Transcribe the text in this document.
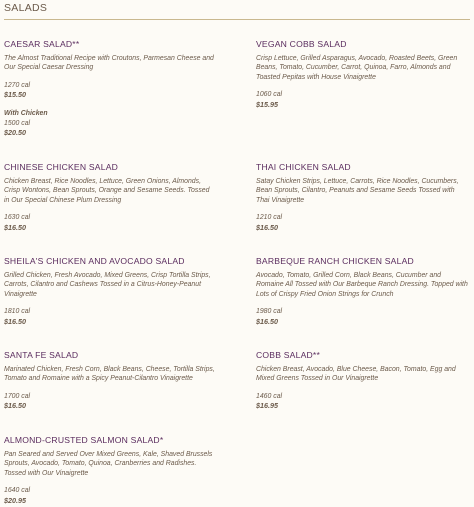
SALADS
CAESAR SALAD**
The Almost Traditional Recipe with Croutons, Parmesan Cheese and Our Special Caesar Dressing
1270 cal
$15.50
With Chicken
1500 cal
$20.50
VEGAN COBB SALAD
Crisp Lettuce, Grilled Asparagus, Avocado, Roasted Beets, Green Beans, Tomato, Cucumber, Carrot, Quinoa, Farro, Almonds and Toasted Pepitas with House Vinaigrette
1060 cal
$15.95
CHINESE CHICKEN SALAD
Chicken Breast, Rice Noodles, Lettuce, Green Onions, Almonds, Crisp Wontons, Bean Sprouts, Orange and Sesame Seeds. Tossed in Our Special Chinese Plum Dressing
1630 cal
$16.50
THAI CHICKEN SALAD
Satay Chicken Strips, Lettuce, Carrots, Rice Noodles, Cucumbers, Bean Sprouts, Cilantro, Peanuts and Sesame Seeds Tossed with Thai Vinaigrette
1210 cal
$16.50
SHEILA'S CHICKEN AND AVOCADO SALAD
Grilled Chicken, Fresh Avocado, Mixed Greens, Crisp Tortilla Strips, Carrots, Cilantro and Cashews Tossed in a Citrus-Honey-Peanut Vinaigrette
1810 cal
$16.50
BARBEQUE RANCH CHICKEN SALAD
Avocado, Tomato, Grilled Corn, Black Beans, Cucumber and Romaine All Tossed with Our Barbeque Ranch Dressing. Topped with Lots of Crispy Fried Onion Strings for Crunch
1980 cal
$16.50
SANTA FE SALAD
Marinated Chicken, Fresh Corn, Black Beans, Cheese, Tortilla Strips, Tomato and Romaine with a Spicy Peanut-Cilantro Vinaigrette
1700 cal
$16.50
COBB SALAD**
Chicken Breast, Avocado, Blue Cheese, Bacon, Tomato, Egg and Mixed Greens Tossed in Our Vinaigrette
1460 cal
$16.95
ALMOND-CRUSTED SALMON SALAD*
Pan Seared and Served Over Mixed Greens, Kale, Shaved Brussels Sprouts, Avocado, Tomato, Quinoa, Cranberries and Radishes. Tossed with Our Vinaigrette
1640 cal
$20.95
